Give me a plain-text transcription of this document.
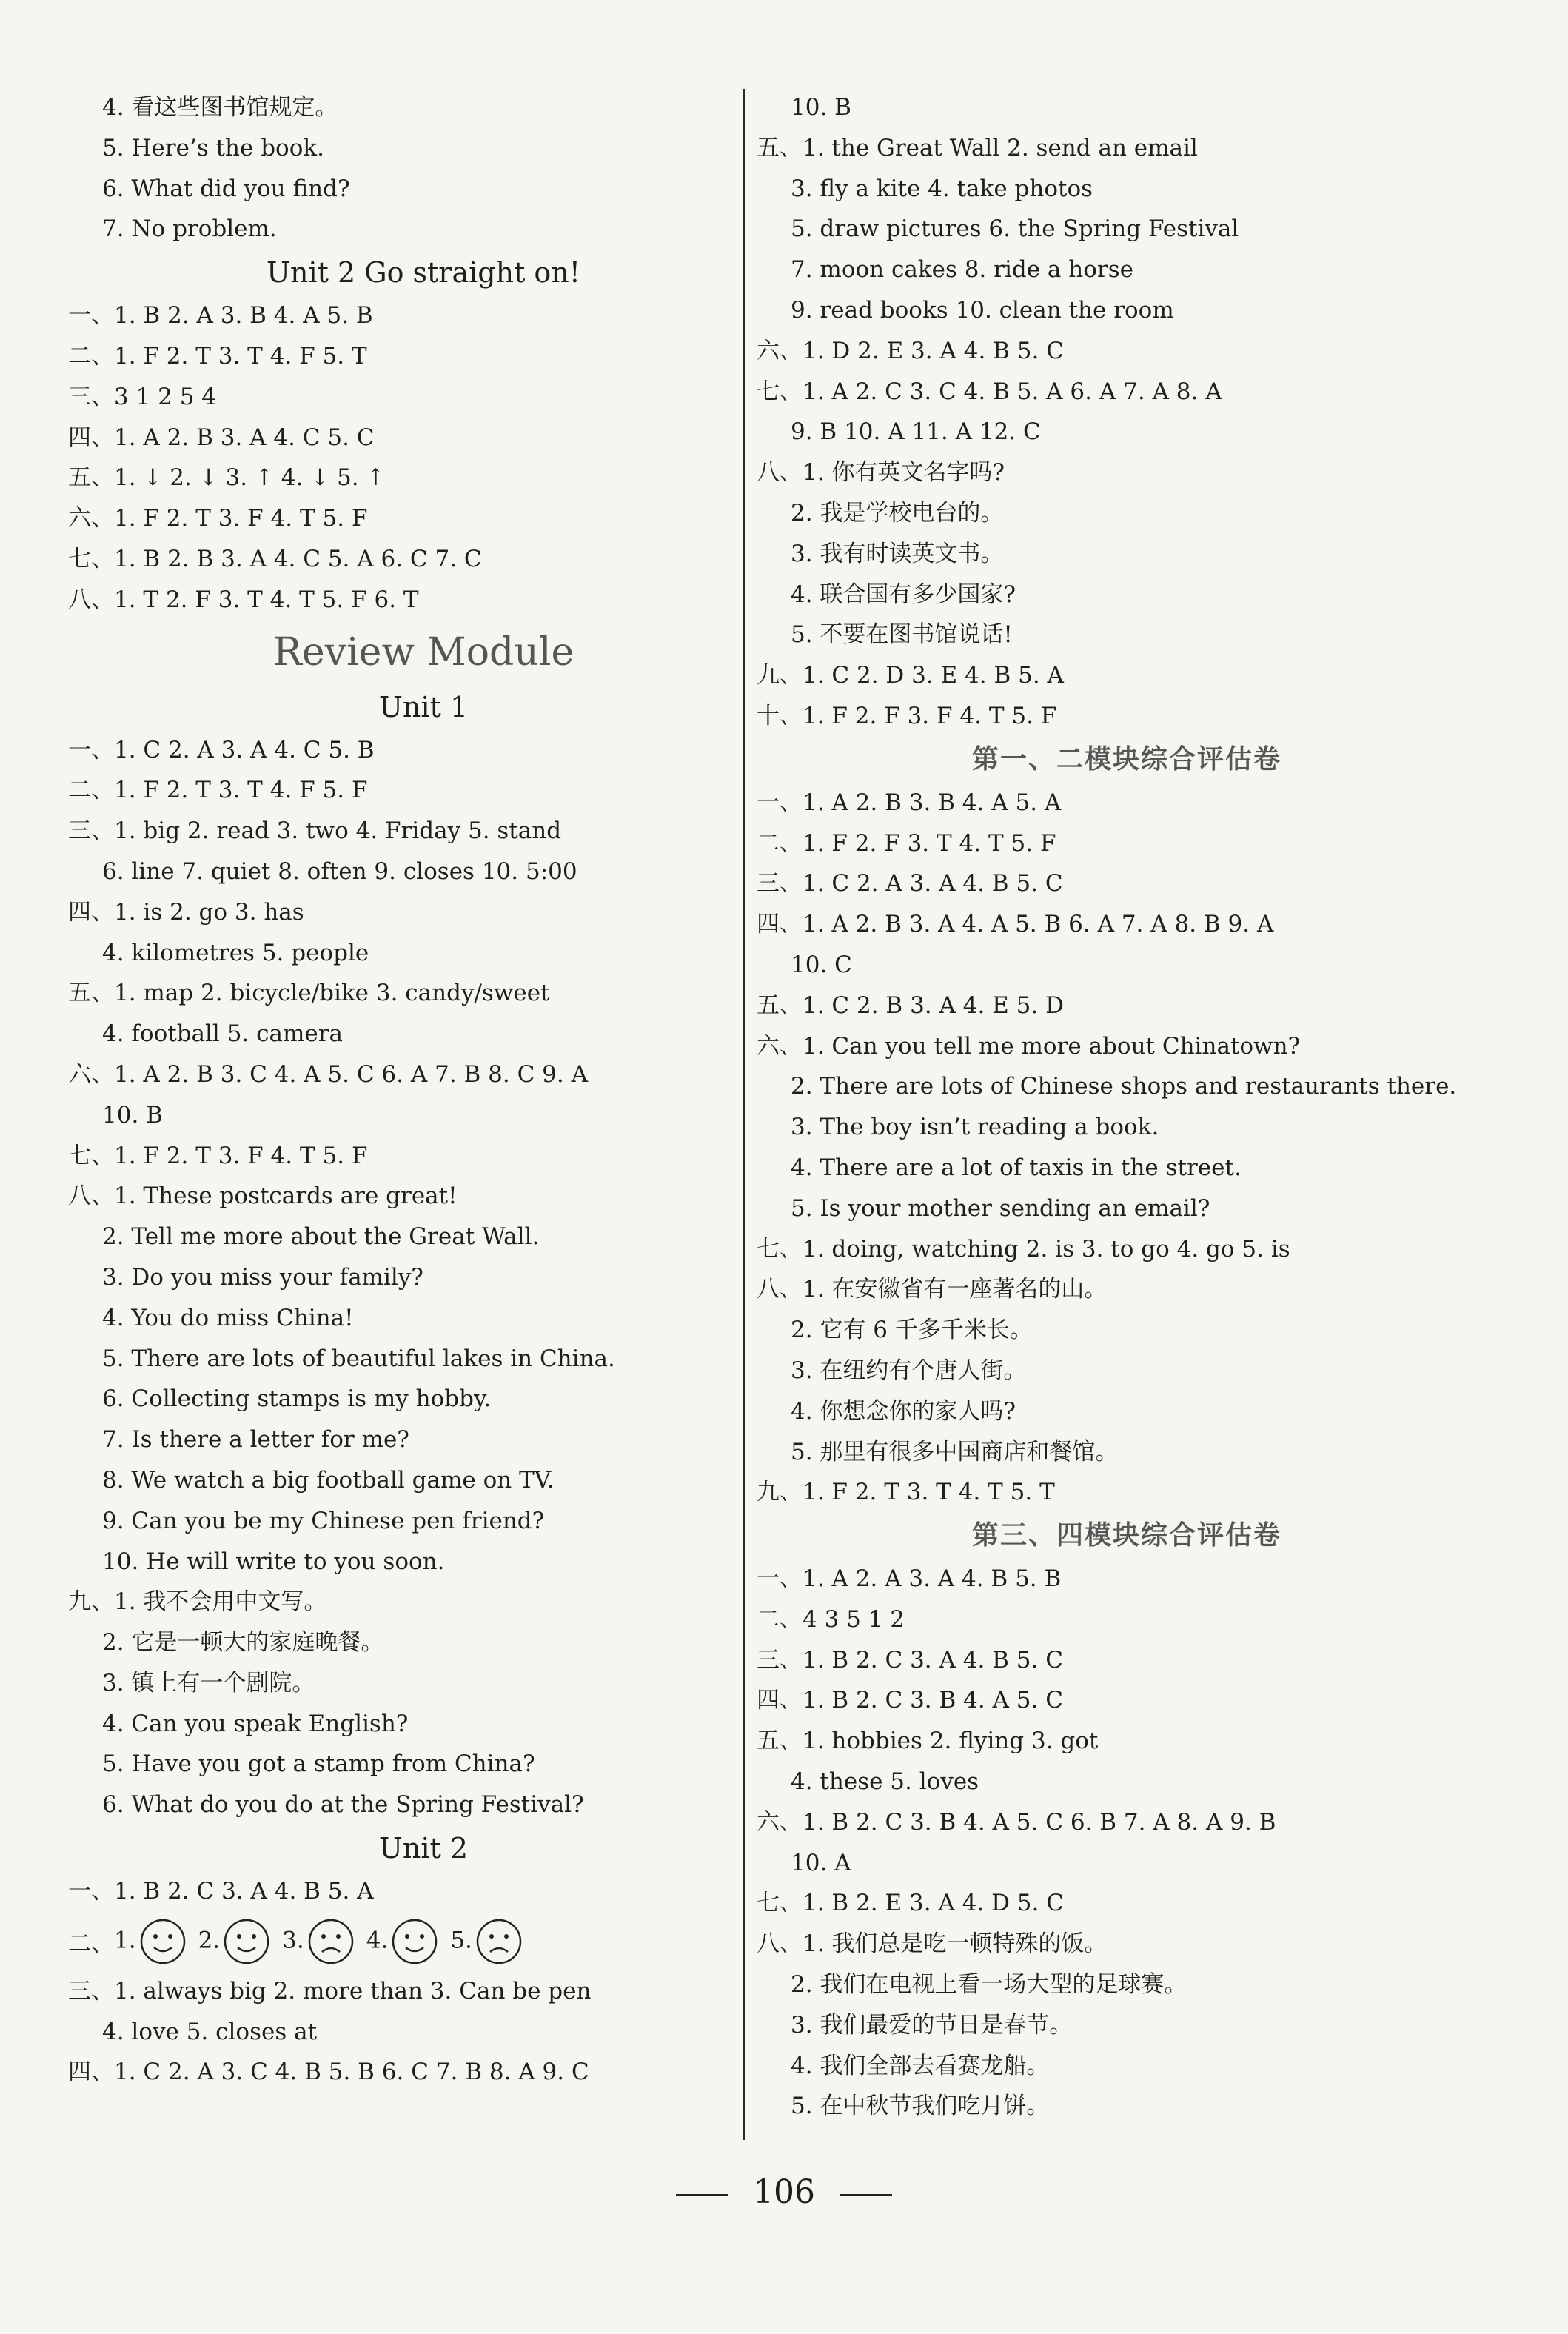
4. 看这些图书馆规定。
5. Here’s the book.
6. What did you find?
7. No problem.
Unit 2 Go straight on!
一、1. B 2. A 3. B 4. A 5. B
二、1. F 2. T 3. T 4. F 5. T
三、3 1 2 5 4
四、1. A 2. B 3. A 4. C 5. C
五、1. ↓ 2. ↓ 3. ↑ 4. ↓ 5. ↑
六、1. F 2. T 3. F 4. T 5. F
七、1. B 2. B 3. A 4. C 5. A 6. C 7. C
八、1. T 2. F 3. T 4. T 5. F 6. T
Review Module
Unit 1
一、1. C 2. A 3. A 4. C 5. B
二、1. F 2. T 3. T 4. F 5. F
三、1. big 2. read 3. two 4. Friday 5. stand
6. line 7. quiet 8. often 9. closes 10. 5:00
四、1. is 2. go 3. has
4. kilometres 5. people
五、1. map 2. bicycle/bike 3. candy/sweet
4. football 5. camera
六、1. A 2. B 3. C 4. A 5. C 6. A 7. B 8. C 9. A
10. B
七、1. F 2. T 3. F 4. T 5. F
八、1. These postcards are great!
2. Tell me more about the Great Wall.
3. Do you miss your family?
4. You do miss China!
5. There are lots of beautiful lakes in China.
6. Collecting stamps is my hobby.
7. Is there a letter for me?
8. We watch a big football game on TV.
9. Can you be my Chinese pen friend?
10. He will write to you soon.
九、1. 我不会用中文写。
2. 它是一顿大的家庭晚餐。
3. 镇上有一个剧院。
4. Can you speak English?
5. Have you got a stamp from China?
6. What do you do at the Spring Festival?
Unit 2
一、1. B 2. C 3. A 4. B 5. A
二、 1.	2.	3.	4.	5.
三、1. always big 2. more than 3. Can be pen
4. love 5. closes at
四、1. C 2. A 3. C 4. B 5. B 6. C 7. B 8. A 9. C
10. B
五、1. the Great Wall 2. send an email
3. fly a kite 4. take photos
5. draw pictures 6. the Spring Festival
7. moon cakes 8. ride a horse
9. read books 10. clean the room
六、1. D 2. E 3. A 4. B 5. C
七、1. A 2. C 3. C 4. B 5. A 6. A 7. A 8. A
9. B 10. A 11. A 12. C
八、1. 你有英文名字吗?
2. 我是学校电台的。
3. 我有时读英文书。
4. 联合国有多少国家?
5. 不要在图书馆说话!
九、1. C 2. D 3. E 4. B 5. A
十、1. F 2. F 3. F 4. T 5. F
第一、二模块综合评估卷
一、1. A 2. B 3. B 4. A 5. A
二、1. F 2. F 3. T 4. T 5. F
三、1. C 2. A 3. A 4. B 5. C
四、1. A 2. B 3. A 4. A 5. B 6. A 7. A 8. B 9. A
10. C
五、1. C 2. B 3. A 4. E 5. D
六、1. Can you tell me more about Chinatown?
2. There are lots of Chinese shops and restaurants there.
3. The boy isn’t reading a book.
4. There are a lot of taxis in the street.
5. Is your mother sending an email?
七、1. doing, watching 2. is 3. to go 4. go 5. is
八、1. 在安徽省有一座著名的山。
2. 它有 6 千多千米长。
3. 在纽约有个唐人街。
4. 你想念你的家人吗?
5. 那里有很多中国商店和餐馆。
九、1. F 2. T 3. T 4. T 5. T
第三、四模块综合评估卷
一、1. A 2. A 3. A 4. B 5. B
二、4 3 5 1 2
三、1. B 2. C 3. A 4. B 5. C
四、1. B 2. C 3. B 4. A 5. C
五、1. hobbies 2. flying 3. got
4. these 5. loves
六、1. B 2. C 3. B 4. A 5. C 6. B 7. A 8. A 9. B
10. A
七、1. B 2. E 3. A 4. D 5. C
八、1. 我们总是吃一顿特殊的饭。
2. 我们在电视上看一场大型的足球赛。
3. 我们最爱的节日是春节。
4. 我们全部去看赛龙船。
5. 在中秋节我们吃月饼。
106
